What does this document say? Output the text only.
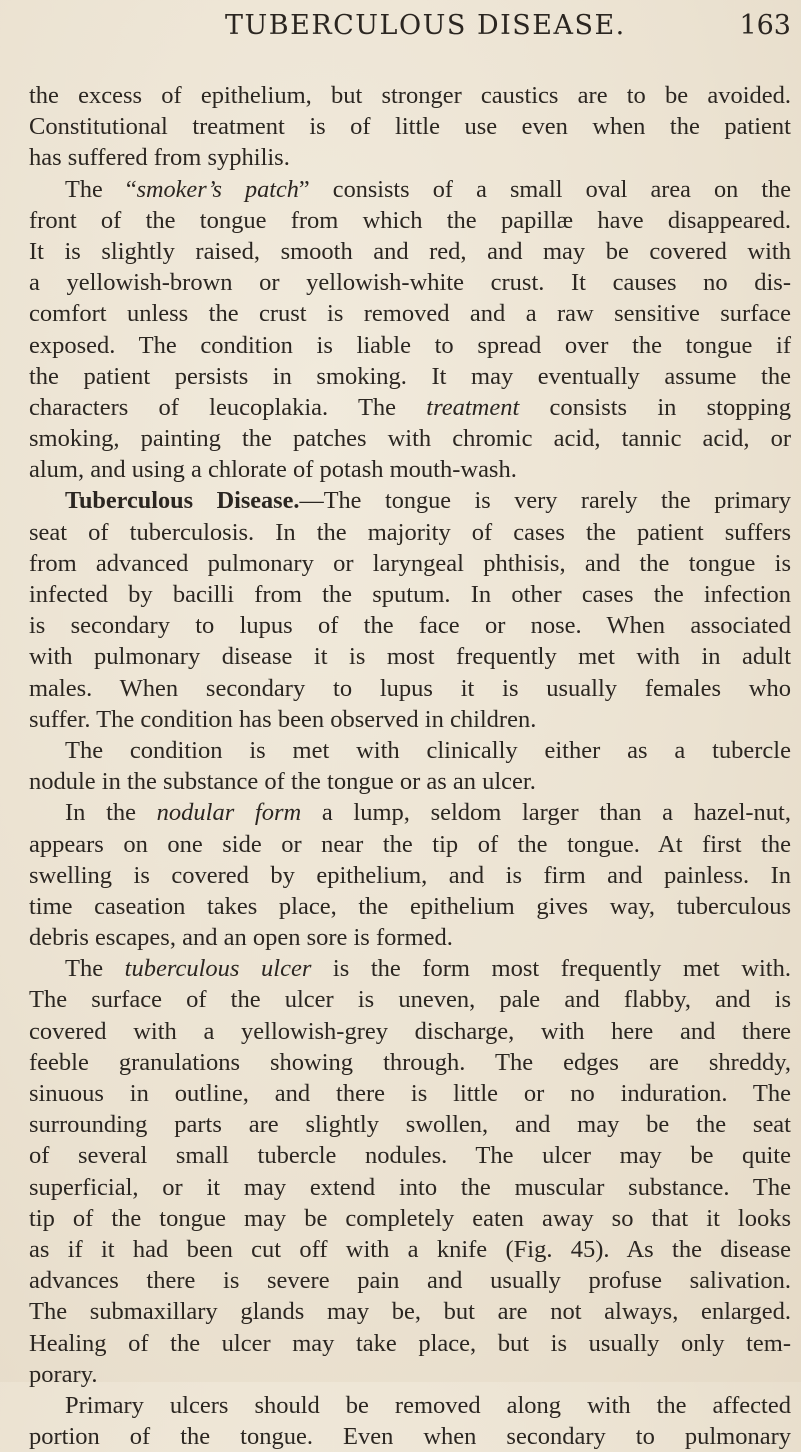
TUBERCULOUS DISEASE.	163
the excess of epithelium, but stronger caustics are to be avoided.
Constitutional treatment is of little use even when the patient
has suffered from syphilis.
The “smoker’s patch” consists of a small oval area on the
front of the tongue from which the papillæ have disappeared.
It is slightly raised, smooth and red, and may be covered with
a yellowish-brown or yellowish-white crust. It causes no dis-
comfort unless the crust is removed and a raw sensitive surface
exposed. The condition is liable to spread over the tongue if
the patient persists in smoking. It may eventually assume the
characters of leucoplakia. The treatment consists in stopping
smoking, painting the patches with chromic acid, tannic acid, or
alum, and using a chlorate of potash mouth-wash.
Tuberculous Disease.—The tongue is very rarely the primary
seat of tuberculosis. In the majority of cases the patient suffers
from advanced pulmonary or laryngeal phthisis, and the tongue is
infected by bacilli from the sputum. In other cases the infection
is secondary to lupus of the face or nose. When associated
with pulmonary disease it is most frequently met with in adult
males. When secondary to lupus it is usually females who
suffer. The condition has been observed in children.
The condition is met with clinically either as a tubercle
nodule in the substance of the tongue or as an ulcer.
In the nodular form a lump, seldom larger than a hazel-nut,
appears on one side or near the tip of the tongue. At first the
swelling is covered by epithelium, and is firm and painless. In
time caseation takes place, the epithelium gives way, tuberculous
debris escapes, and an open sore is formed.
The tuberculous ulcer is the form most frequently met with.
The surface of the ulcer is uneven, pale and flabby, and is
covered with a yellowish-grey discharge, with here and there
feeble granulations showing through. The edges are shreddy,
sinuous in outline, and there is little or no induration. The
surrounding parts are slightly swollen, and may be the seat
of several small tubercle nodules. The ulcer may be quite
superficial, or it may extend into the muscular substance. The
tip of the tongue may be completely eaten away so that it looks
as if it had been cut off with a knife (Fig. 45). As the disease
advances there is severe pain and usually profuse salivation.
The submaxillary glands may be, but are not always, enlarged.
Healing of the ulcer may take place, but is usually only tem-
porary.
Primary ulcers should be removed along with the affected
portion of the tongue. Even when secondary to pulmonary
